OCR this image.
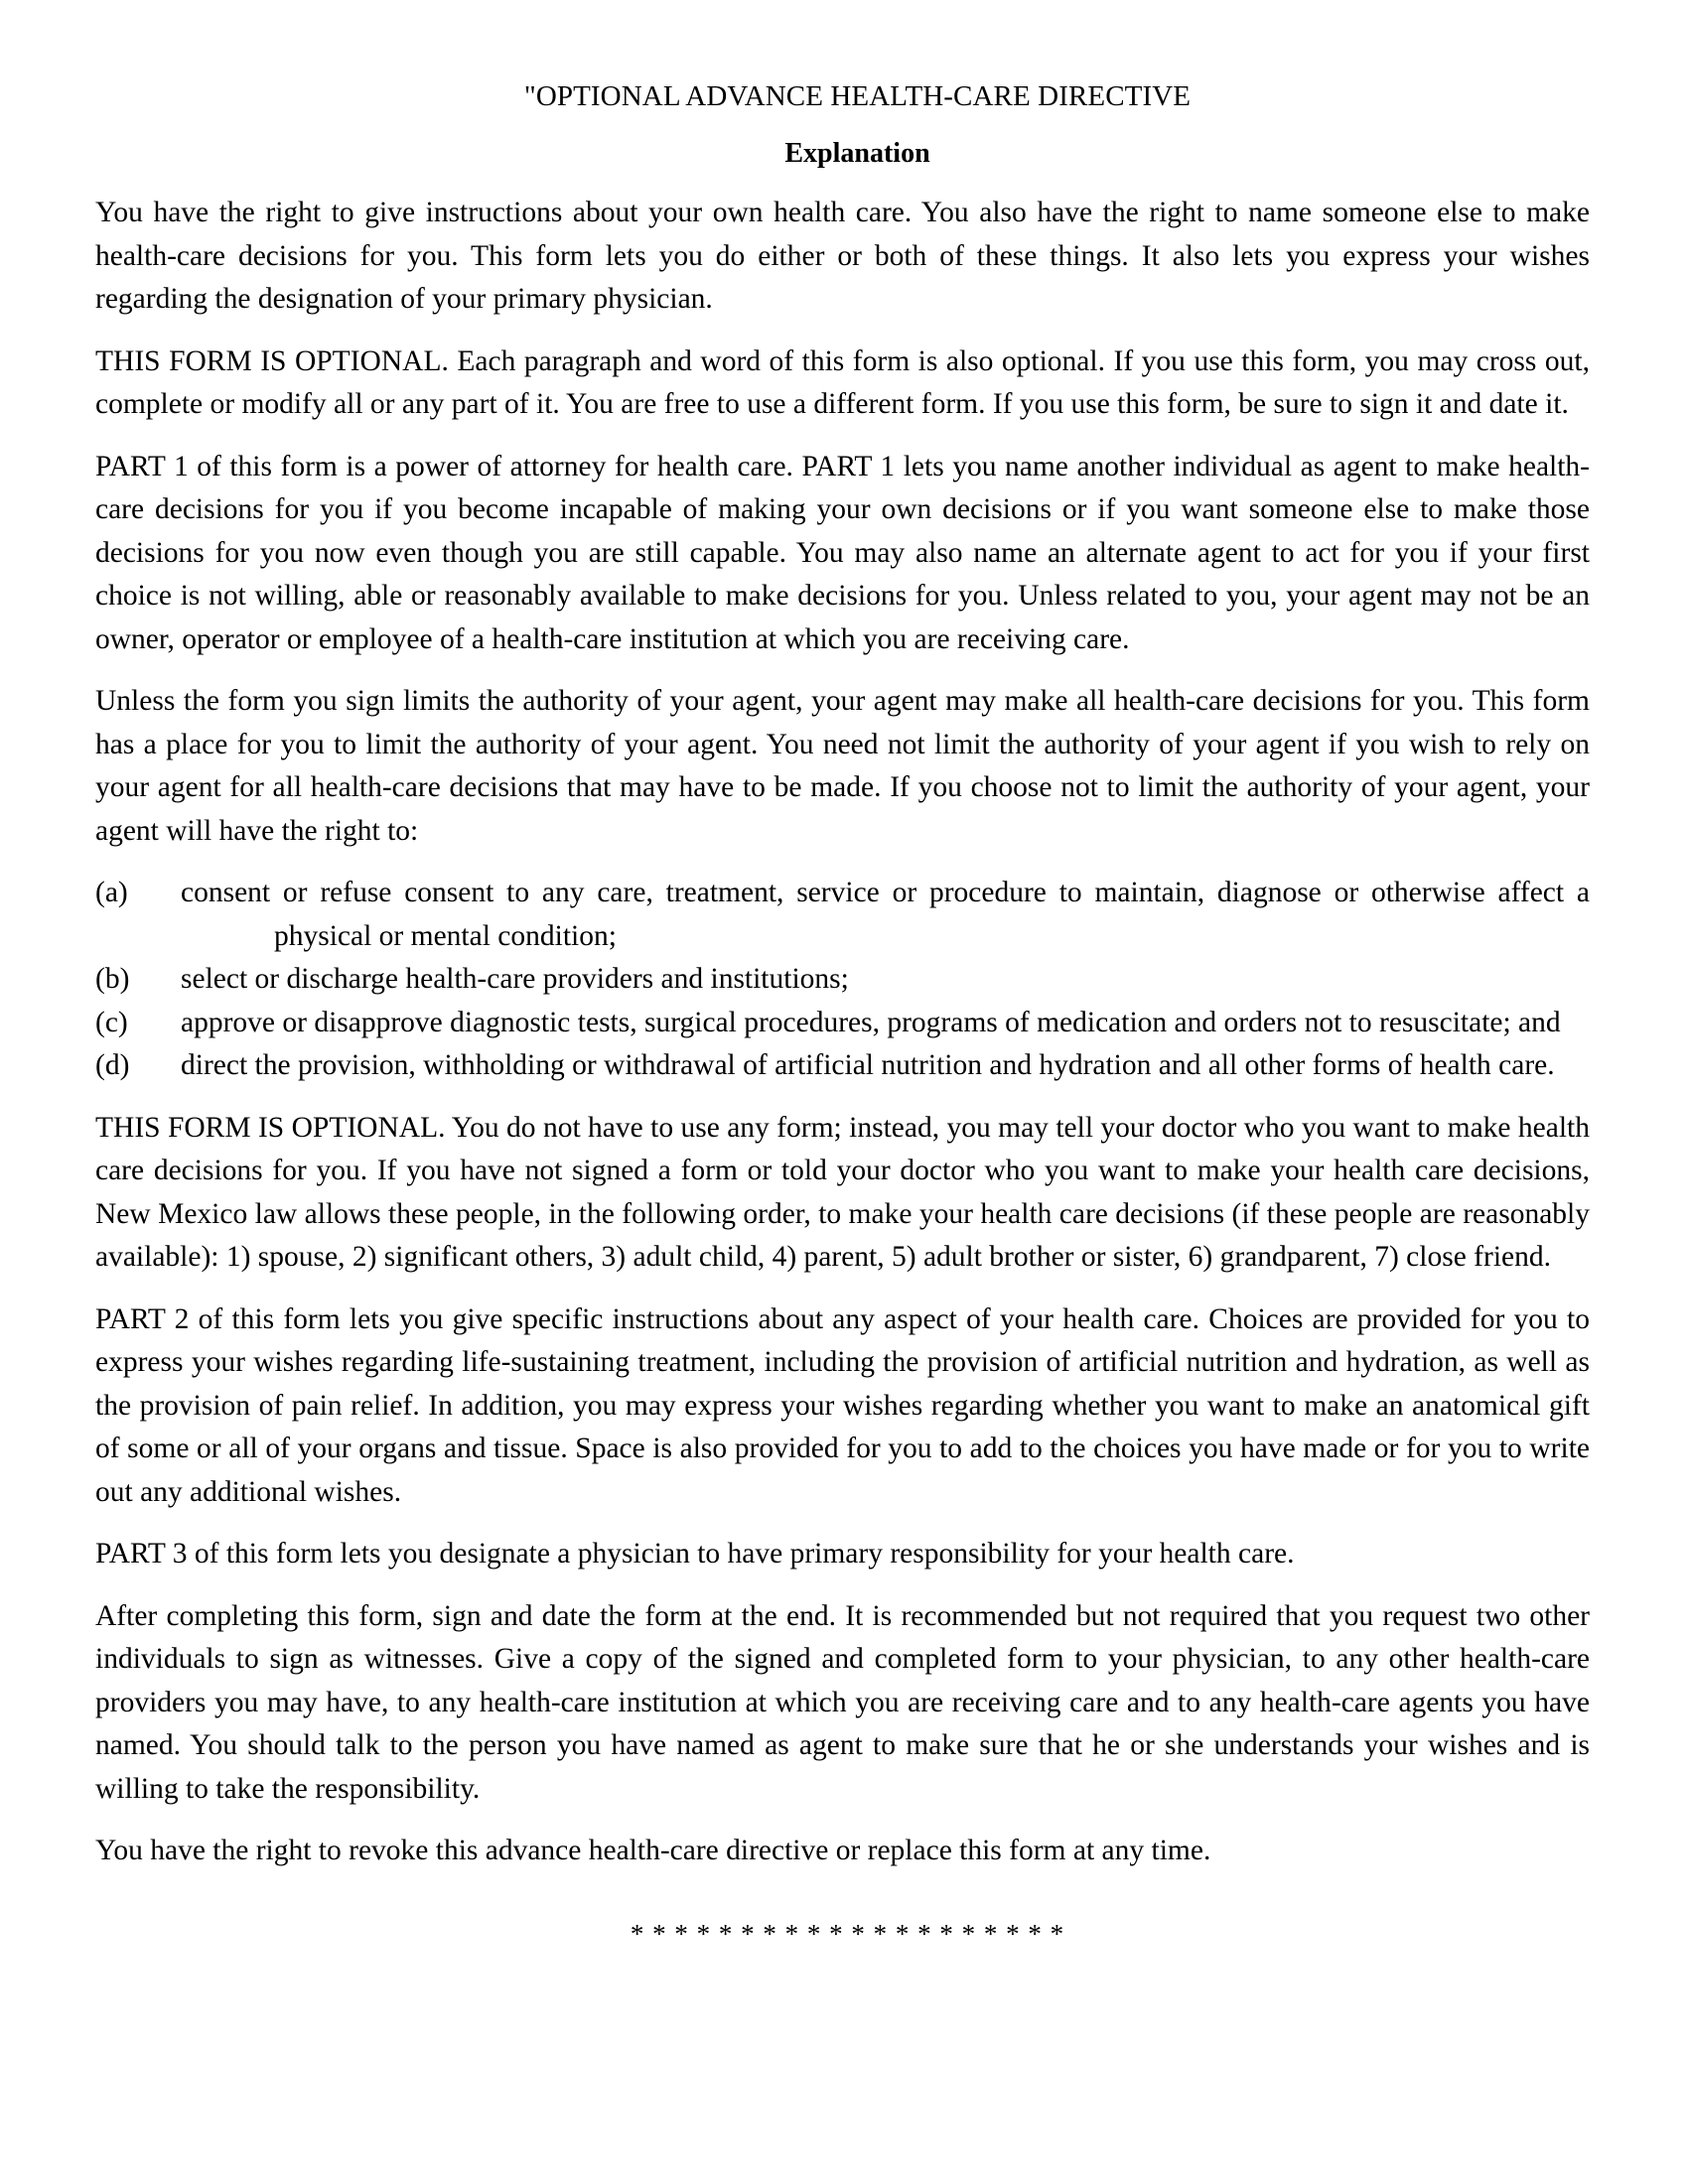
"OPTIONAL ADVANCE HEALTH-CARE DIRECTIVE
Explanation

You have the right to give instructions about your own health care. You also have the right to name someone else to make health-care decisions for you. This form lets you do either or both of these things. It also lets you express your wishes regarding the designation of your primary physician.

THIS FORM IS OPTIONAL. Each paragraph and word of this form is also optional. If you use this form, you may cross out, complete or modify all or any part of it. You are free to use a different form. If you use this form, be sure to sign it and date it.

PART 1 of this form is a power of attorney for health care. PART 1 lets you name another individual as agent to make health-care decisions for you if you become incapable of making your own decisions or if you want someone else to make those decisions for you now even though you are still capable. You may also name an alternate agent to act for you if your first choice is not willing, able or reasonably available to make decisions for you. Unless related to you, your agent may not be an owner, operator or employee of a health-care institution at which you are receiving care.

Unless the form you sign limits the authority of your agent, your agent may make all health-care decisions for you. This form has a place for you to limit the authority of your agent. You need not limit the authority of your agent if you wish to rely on your agent for all health-care decisions that may have to be made. If you choose not to limit the authority of your agent, your agent will have the right to:

(a) consent or refuse consent to any care, treatment, service or procedure to maintain, diagnose or otherwise affect a physical or mental condition;
(b) select or discharge health-care providers and institutions;
(c) approve or disapprove diagnostic tests, surgical procedures, programs of medication and orders not to resuscitate; and
(d) direct the provision, withholding or withdrawal of artificial nutrition and hydration and all other forms of health care.

THIS FORM IS OPTIONAL. You do not have to use any form; instead, you may tell your doctor who you want to make health care decisions for you. If you have not signed a form or told your doctor who you want to make your health care decisions, New Mexico law allows these people, in the following order, to make your health care decisions (if these people are reasonably available): 1) spouse, 2) significant others, 3) adult child, 4) parent, 5) adult brother or sister, 6) grandparent, 7) close friend.

PART 2 of this form lets you give specific instructions about any aspect of your health care. Choices are provided for you to express your wishes regarding life-sustaining treatment, including the provision of artificial nutrition and hydration, as well as the provision of pain relief. In addition, you may express your wishes regarding whether you want to make an anatomical gift of some or all of your organs and tissue. Space is also provided for you to add to the choices you have made or for you to write out any additional wishes.

PART 3 of this form lets you designate a physician to have primary responsibility for your health care.

After completing this form, sign and date the form at the end. It is recommended but not required that you request two other individuals to sign as witnesses. Give a copy of the signed and completed form to your physician, to any other health-care providers you may have, to any health-care institution at which you are receiving care and to any health-care agents you have named. You should talk to the person you have named as agent to make sure that he or she understands your wishes and is willing to take the responsibility.

You have the right to revoke this advance health-care directive or replace this form at any time.

* * * * * * * * * * * * * * * * * * * *
